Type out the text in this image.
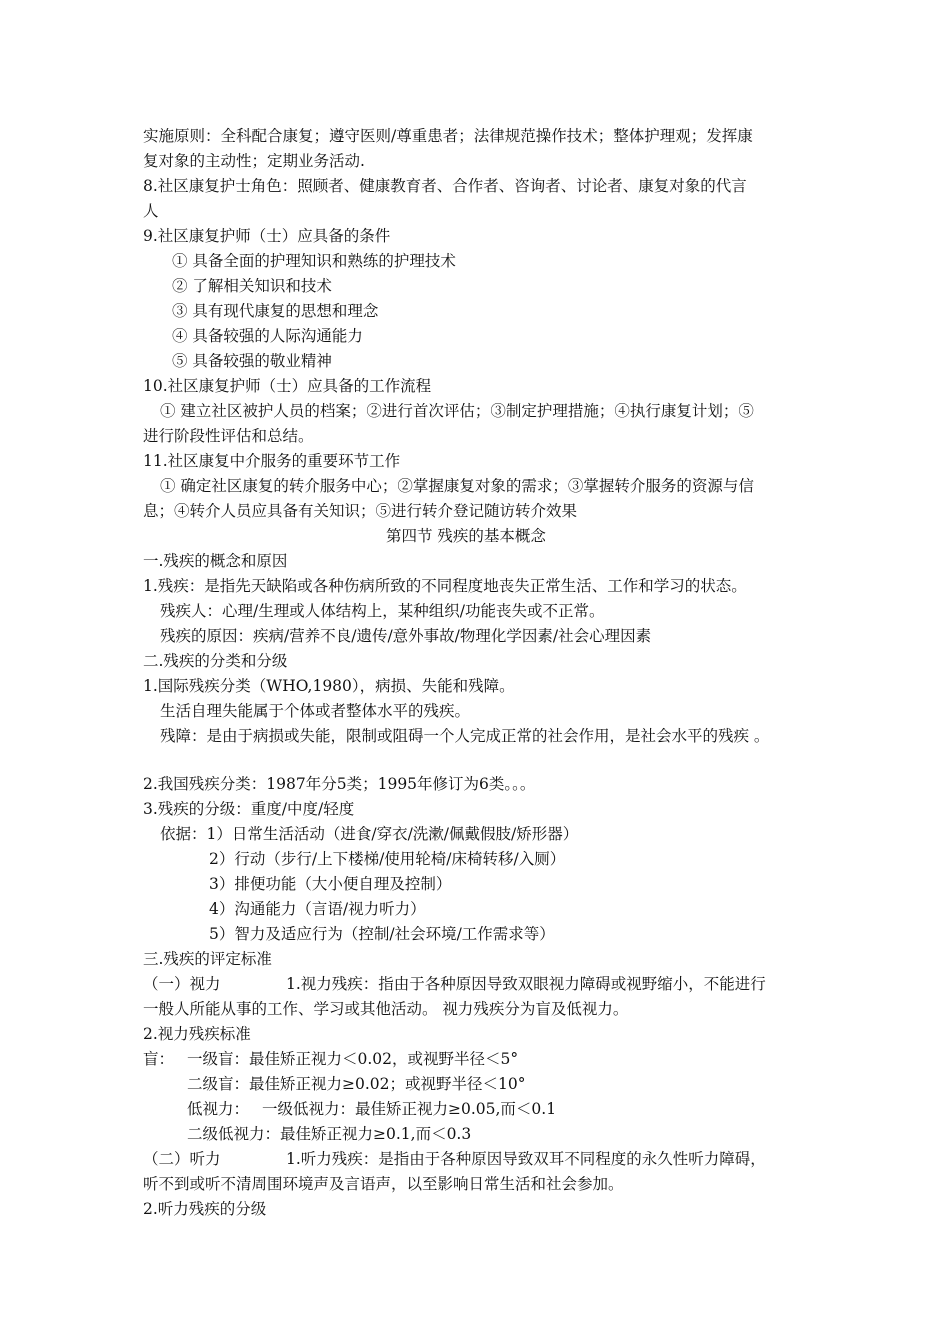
实施原则：全科配合康复；遵守医则/尊重患者；法律规范操作技术；整体护理观；发挥康
复对象的主动性；定期业务活动.
8.社区康复护士角色：照顾者、健康教育者、合作者、咨询者、讨论者、康复对象的代言
人
9.社区康复护师（士）应具备的条件
① 具备全面的护理知识和熟练的护理技术
② 了解相关知识和技术
③ 具有现代康复的思想和理念
④ 具备较强的人际沟通能力
⑤ 具备较强的敬业精神
10.社区康复护师（士）应具备的工作流程
① 建立社区被护人员的档案；②进行首次评估；③制定护理措施；④执行康复计划；⑤
进行阶段性评估和总结。
11.社区康复中介服务的重要环节工作
① 确定社区康复的转介服务中心；②掌握康复对象的需求；③掌握转介服务的资源与信
息；④转介人员应具备有关知识；⑤进行转介登记随访转介效果
第四节 残疾的基本概念
一.残疾的概念和原因
1.残疾：是指先天缺陷或各种伤病所致的不同程度地丧失正常生活、工作和学习的状态。
残疾人：心理/生理或人体结构上，某种组织/功能丧失或不正常。
残疾的原因：疾病/营养不良/遗传/意外事故/物理化学因素/社会心理因素
二.残疾的分类和分级
1.国际残疾分类（WHO,1980），病损、失能和残障。
生活自理失能属于个体或者整体水平的残疾。
残障：是由于病损或失能，限制或阻碍一个人完成正常的社会作用，是社会水平的残疾 。
2.我国残疾分类：1987年分5类；1995年修订为6类。。。
3.残疾的分级：重度/中度/轻度
依据：1）日常生活活动（进食/穿衣/洗漱/佩戴假肢/矫形器）
2）行动（步行/上下楼梯/使用轮椅/床椅转移/入厕）
3）排便功能（大小便自理及控制）
4）沟通能力（言语/视力听力）
5）智力及适应行为（控制/社会环境/工作需求等）
三.残疾的评定标准
（一）视力	1.视力残疾：指由于各种原因导致双眼视力障碍或视野缩小，不能进行
一般人所能从事的工作、学习或其他活动。 视力残疾分为盲及低视力。
2.视力残疾标准
盲： 一级盲：最佳矫正视力＜0.02，或视野半径＜5°
二级盲：最佳矫正视力≥0.02；或视野半径＜10°
低视力： 一级低视力：最佳矫正视力≥0.05,而＜0.1
二级低视力：最佳矫正视力≥0.1,而＜0.3
（二）听力	1.听力残疾：是指由于各种原因导致双耳不同程度的永久性听力障碍，
听不到或听不清周围环境声及言语声，以至影响日常生活和社会参加。
2.听力残疾的分级
